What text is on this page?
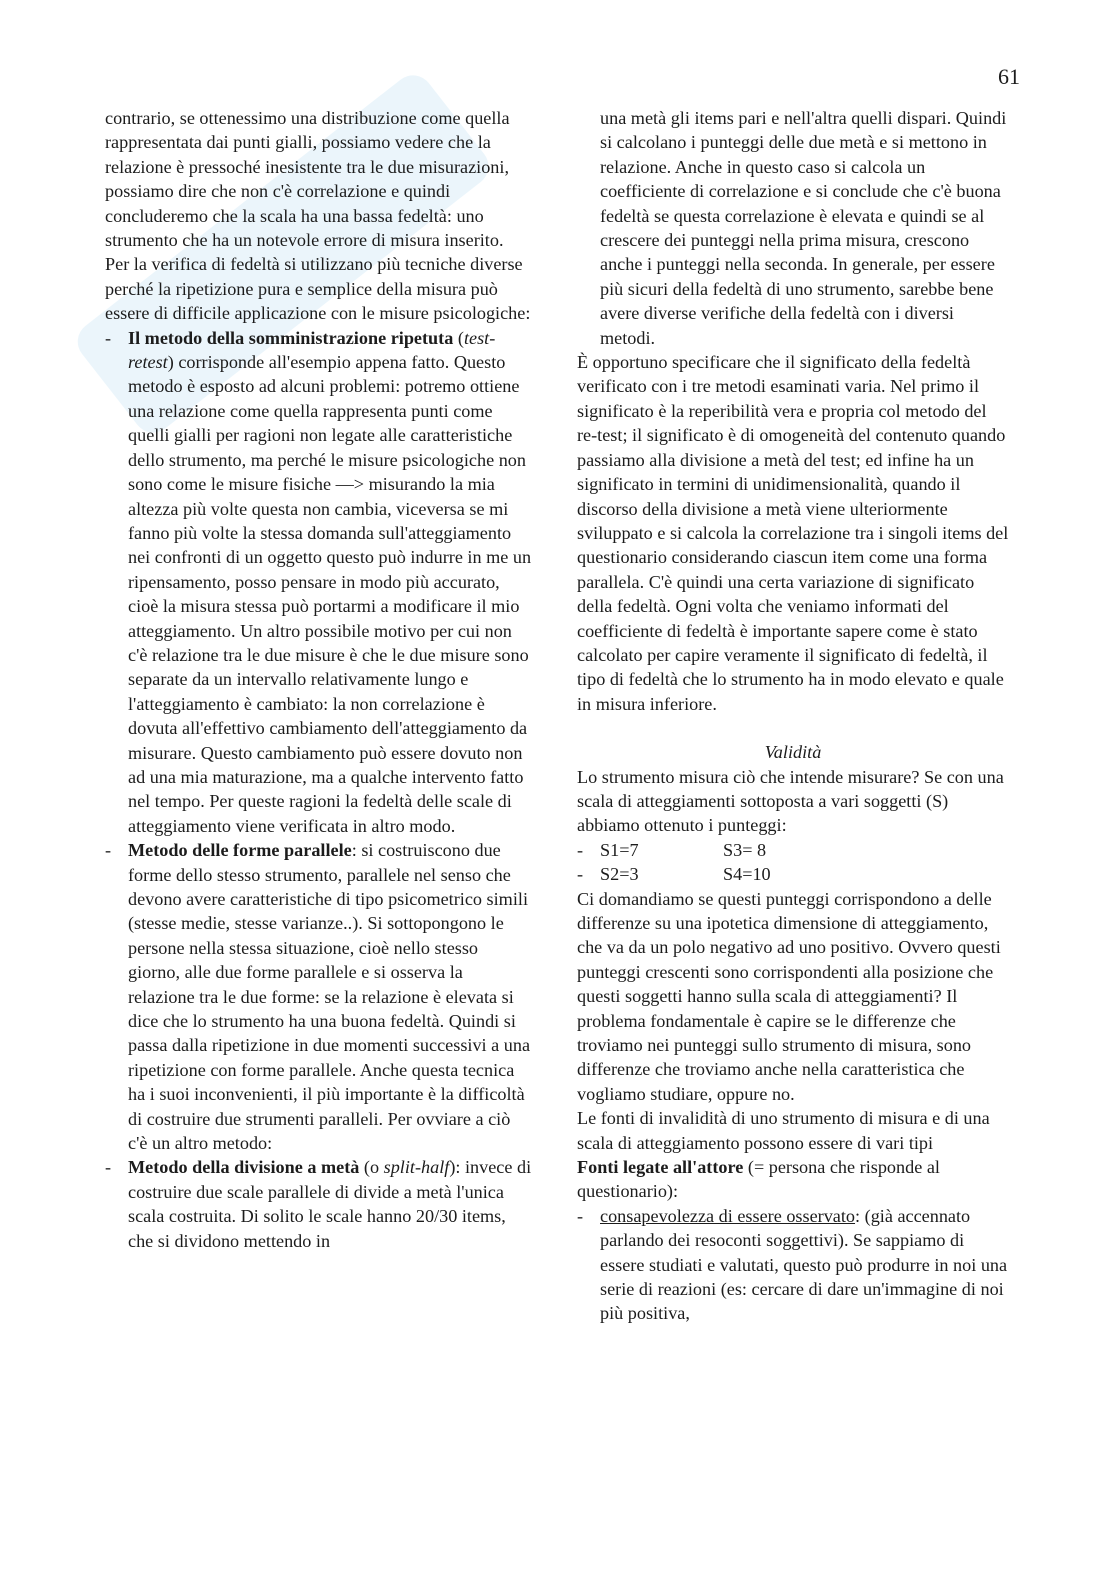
61

contrario, se ottenessimo una distribuzione come quella rappresentata dai punti gialli, possiamo vedere che la relazione è pressoché inesistente tra le due misurazioni, possiamo dire che non c'è correlazione e quindi concluderemo che la scala ha una bassa fedeltà: uno strumento che ha un notevole errore di misura inserito.

Per la verifica di fedeltà si utilizzano più tecniche diverse perché la ripetizione pura e semplice della misura può essere di difficile applicazione con le misure psicologiche:

- Il metodo della somministrazione ripetuta (test-retest) corrisponde all'esempio appena fatto. Questo metodo è esposto ad alcuni problemi: potremo ottiene una relazione come quella rappresenta punti come quelli gialli per ragioni non legate alle caratteristiche dello strumento, ma perché le misure psicologiche non sono come le misure fisiche —> misurando la mia altezza più volte questa non cambia, viceversa se mi fanno più volte la stessa domanda sull'atteggiamento nei confronti di un oggetto questo può indurre in me un ripensamento, posso pensare in modo più accurato, cioè la misura stessa può portarmi a modificare il mio atteggiamento. Un altro possibile motivo per cui non c'è relazione tra le due misure è che le due misure sono separate da un intervallo relativamente lungo e l'atteggiamento è cambiato: la non correlazione è dovuta all'effettivo cambiamento dell'atteggiamento da misurare. Questo cambiamento può essere dovuto non ad una mia maturazione, ma a qualche intervento fatto nel tempo. Per queste ragioni la fedeltà delle scale di atteggiamento viene verificata in altro modo.

- Metodo delle forme parallele: si costruiscono due forme dello stesso strumento, parallele nel senso che devono avere caratteristiche di tipo psicometrico simili (stesse medie, stesse varianze..). Si sottopongono le persone nella stessa situazione, cioè nello stesso giorno, alle due forme parallele e si osserva la relazione tra le due forme: se la relazione è elevata si dice che lo strumento ha una buona fedeltà. Quindi si passa dalla ripetizione in due momenti successivi a una ripetizione con forme parallele. Anche questa tecnica ha i suoi inconvenienti, il più importante è la difficoltà di costruire due strumenti paralleli. Per ovviare a ciò c'è un altro metodo:

- Metodo della divisione a metà (o split-half): invece di costruire due scale parallele di divide a metà l'unica scala costruita. Di solito le scale hanno 20/30 items, che si dividono mettendo in

una metà gli items pari e nell'altra quelli dispari. Quindi si calcolano i punteggi delle due metà e si mettono in relazione. Anche in questo caso si calcola un coefficiente di correlazione e si conclude che c'è buona fedeltà se questa correlazione è elevata e quindi se al crescere dei punteggi nella prima misura, crescono anche i punteggi nella seconda. In generale, per essere più sicuri della fedeltà di uno strumento, sarebbe bene avere diverse verifiche della fedeltà con i diversi metodi.

È opportuno specificare che il significato della fedeltà verificato con i tre metodi esaminati varia. Nel primo il significato è la reperibilità vera e propria col metodo del re-test; il significato è di omogeneità del contenuto quando passiamo alla divisione a metà del test; ed infine ha un significato in termini di unidimensionalità, quando il discorso della divisione a metà viene ulteriormente sviluppato e si calcola la correlazione tra i singoli items del questionario considerando ciascun item come una forma parallela. C'è quindi una certa variazione di significato della fedeltà. Ogni volta che veniamo informati del coefficiente di fedeltà è importante sapere come è stato calcolato per capire veramente il significato di fedeltà, il tipo di fedeltà che lo strumento ha in modo elevato e quale in misura inferiore.

Validità

Lo strumento misura ciò che intende misurare? Se con una scala di atteggiamenti sottoposta a vari soggetti (S) abbiamo ottenuto i punteggi:

- S1=7	S3= 8
- S2=3	S4=10

Ci domandiamo se questi punteggi corrispondono a delle differenze su una ipotetica dimensione di atteggiamento, che va da un polo negativo ad uno positivo. Ovvero questi punteggi crescenti sono corrispondenti alla posizione che questi soggetti hanno sulla scala di atteggiamenti? Il problema fondamentale è capire se le differenze che troviamo nei punteggi sullo strumento di misura, sono differenze che troviamo anche nella caratteristica che vogliamo studiare, oppure no.

Le fonti di invalidità di uno strumento di misura e di una scala di atteggiamento possono essere di vari tipi

Fonti legate all'attore (= persona che risponde al questionario):

- consapevolezza di essere osservato: (già accennato parlando dei resoconti soggettivi). Se sappiamo di essere studiati e valutati, questo può produrre in noi una serie di reazioni (es: cercare di dare un'immagine di noi più positiva,
